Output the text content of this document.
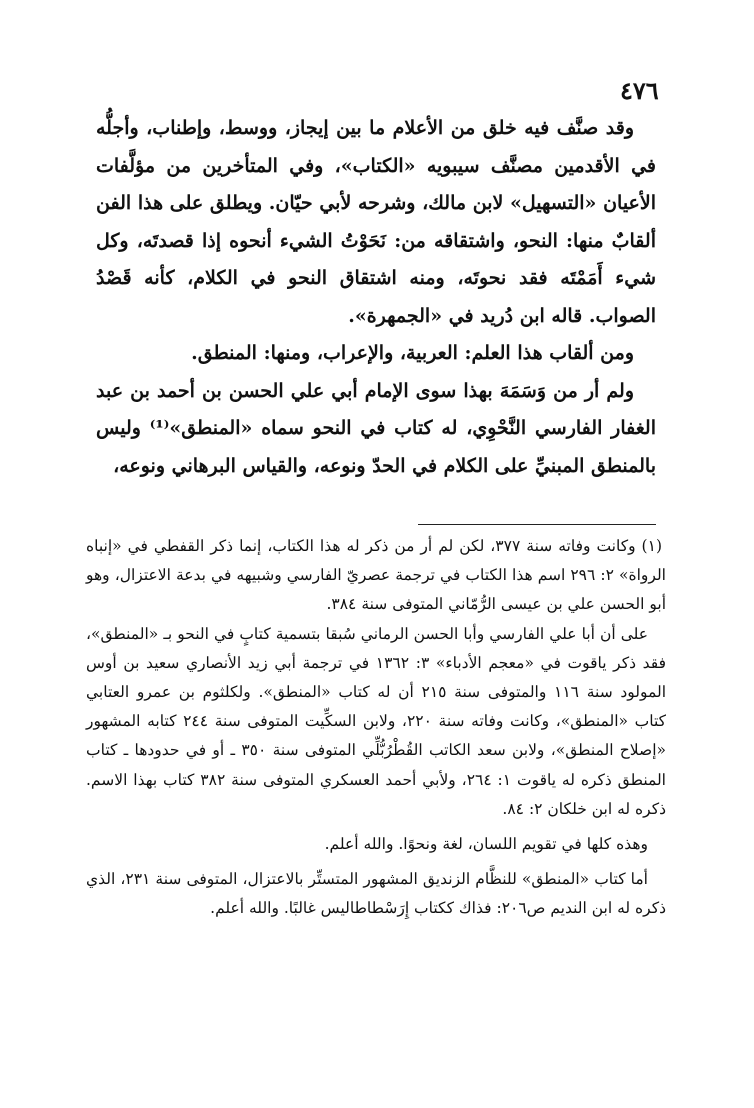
٤٧٦

وقد صنَّف فيه خلق من الأعلام ما بين إيجاز، ووسط، وإطناب، وأجلُّه في الأقدمين مصنَّف سيبويه «الكتاب»، وفي المتأخرين من مؤلَّفات الأعيان «التسهيل» لابن مالك، وشرحه لأبي حيّان. ويطلق على هذا الفن ألقابٌ منها: النحو، واشتقاقه من: نَحَوْتُ الشيء أنحوه إذا قصدتَه، وكل شيء أَمَمْتَه فقد نحوتَه، ومنه اشتقاق النحو في الكلام، كأنه قَصْدُ الصواب. قاله ابن دُريد في «الجمهرة».

ومن ألقاب هذا العلم: العربية، والإعراب، ومنها: المنطق.

ولم أر من وَسَمَهَ بهذا سوى الإمام أبي علي الحسن بن أحمد بن عبد الغفار الفارسي النَّحْوِي، له كتاب في النحو سماه «المنطق»⁽¹⁾ وليس بالمنطق المبنيِّ على الكلام في الحدّ ونوعه، والقياس البرهاني ونوعه،

(١) وكانت وفاته سنة ٣٧٧، لكن لم أر من ذكر له هذا الكتاب، إنما ذكر القفطي في «إنباه الرواة» ٢: ٢٩٦ اسم هذا الكتاب في ترجمة عصريّ الفارسي وشبيهه في بدعة الاعتزال، وهو أبو الحسن علي بن عيسى الرُّمّاني المتوفى سنة ٣٨٤.

على أن أبا علي الفارسي وأبا الحسن الرماني سُبقا بتسمية كتابٍ في النحو بـ «المنطق»، فقد ذكر ياقوت في «معجم الأدباء» ٣: ١٣٦٢ في ترجمة أبي زيد الأنصاري سعيد بن أوس المولود سنة ١١٦ والمتوفى سنة ٢١٥ أن له كتاب «المنطق». ولكلثوم بن عمرو العتابي كتاب «المنطق»، وكانت وفاته سنة ٢٢٠، ولابن السكِّيت المتوفى سنة ٢٤٤ كتابه المشهور «إصلاح المنطق»، ولابن سعد الكاتب القُطْرُبُّلِّي المتوفى سنة ٣٥٠ ـ أو في حدودها ـ كتاب المنطق ذكره له ياقوت ١: ٢٦٤، ولأبي أحمد العسكري المتوفى سنة ٣٨٢ كتاب بهذا الاسم. ذكره له ابن خلكان ٢: ٨٤.

وهذه كلها في تقويم اللسان، لغة ونحوًا. والله أعلم.

أما كتاب «المنطق» للنظَّام الزنديق المشهور المتستِّر بالاعتزال، المتوفى سنة ٢٣١، الذي ذكره له ابن النديم ص٢٠٦: فذاك ككتاب إِرَسْطاطاليس غالبًا. والله أعلم.
